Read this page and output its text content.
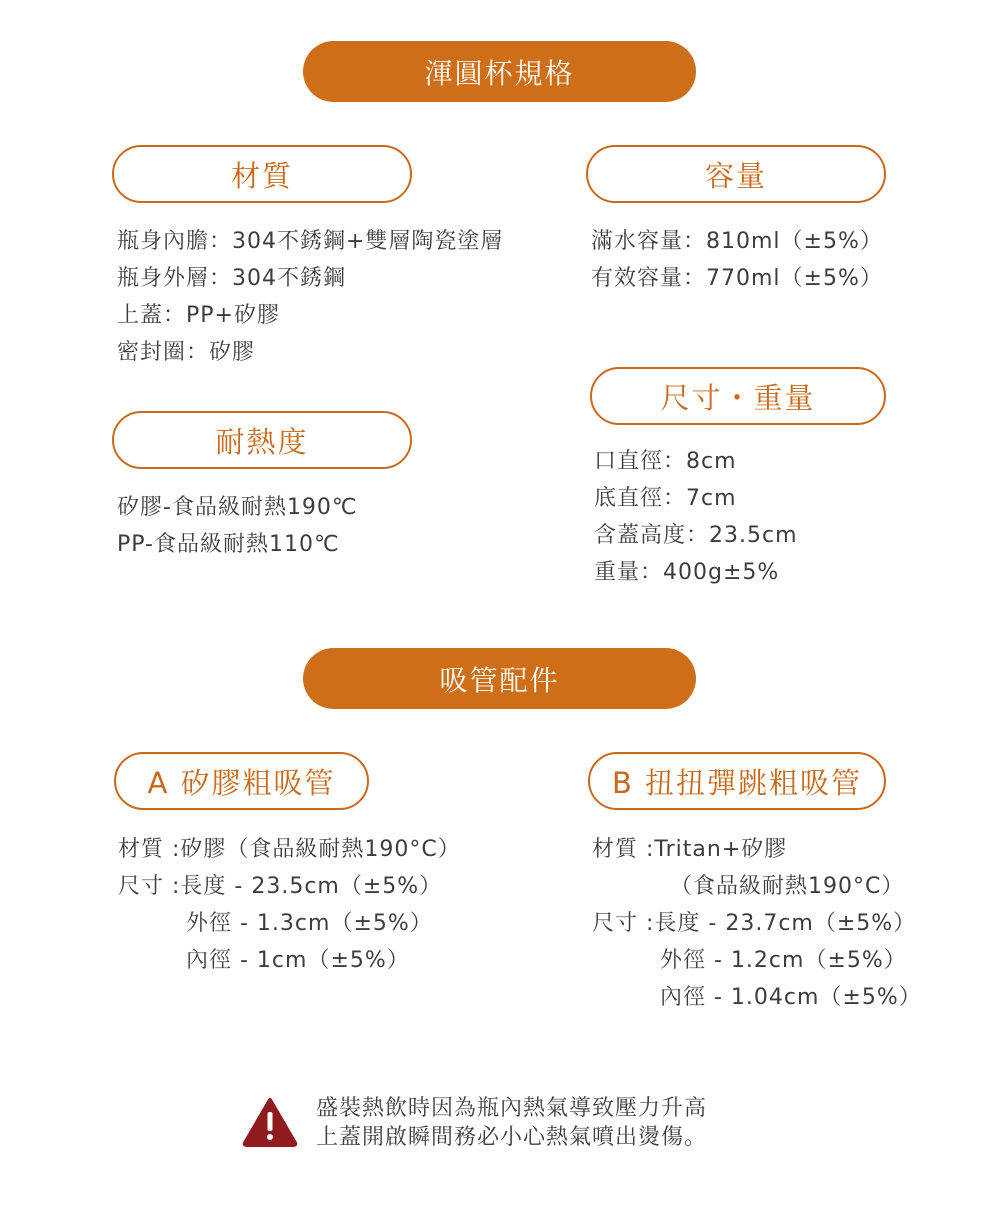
渾圓杯規格
材質
瓶身內膽：304不銹鋼+雙層陶瓷塗層
瓶身外層：304不銹鋼
上蓋：PP+矽膠
密封圈：矽膠
容量
滿水容量：810ml（±5%）
有效容量：770ml（±5%）
耐熱度
矽膠-食品級耐熱190℃
PP-食品級耐熱110℃
尺寸・重量
口直徑：8cm
底直徑：7cm
含蓋高度：23.5cm
重量：400g±5%
吸管配件
A 矽膠粗吸管
材質 :矽膠（食品級耐熱190°C）
尺寸 :長度 - 23.5cm（±5%）
外徑 - 1.3cm（±5%）
內徑 - 1cm（±5%）
B 扭扭彈跳粗吸管
材質 :Tritan+矽膠
（食品級耐熱190°C）
尺寸 :長度 - 23.7cm（±5%）
外徑 - 1.2cm（±5%）
內徑 - 1.04cm（±5%）
盛裝熱飲時因為瓶內熱氣導致壓力升高
上蓋開啟瞬間務必小心熱氣噴出燙傷。
